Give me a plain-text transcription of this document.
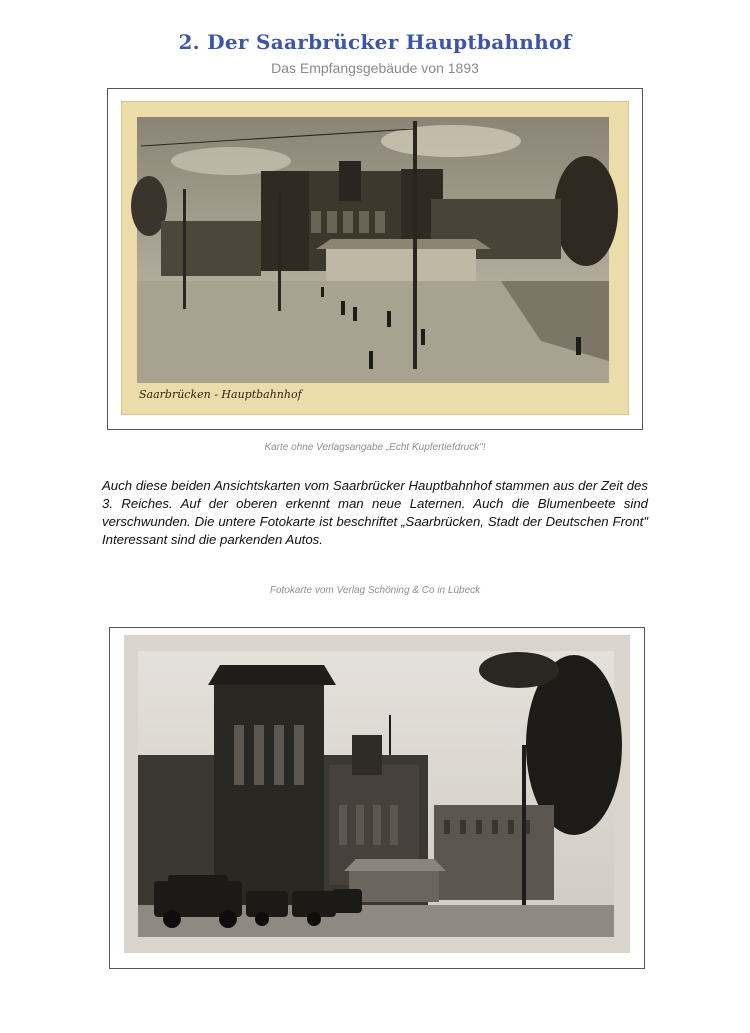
2. Der Saarbrücker Hauptbahnhof
Das Empfangsgebäude von 1893
Saarbrücken - Hauptbahnhof
Karte ohne Verlagsangabe „Echt Kupfertiefdruck"!
Auch diese beiden Ansichtskarten vom Saarbrücker Hauptbahnhof stammen aus der Zeit des 3. Reiches. Auf der oberen erkennt man neue Laternen. Auch die Blumenbeete sind verschwunden. Die untere Fotokarte ist beschriftet „Saarbrücken, Stadt der Deutschen Front" Interessant sind die parkenden Autos.
Fotokarte vom Verlag Schöning & Co in Lübeck
